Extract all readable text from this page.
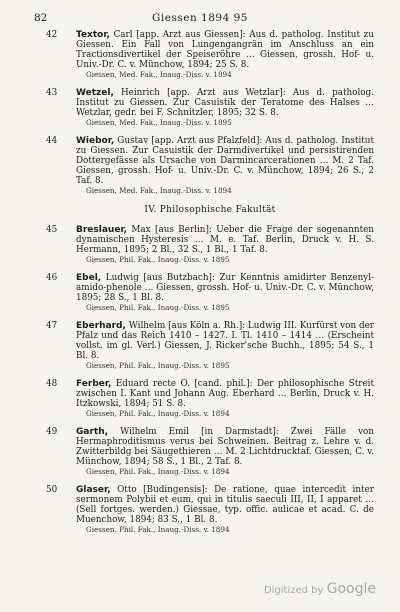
82	Giessen 1894 95
42	Textor, Carl [app. Arzt aus Giessen]: Aus d. patholog. Institut zu Giessen. Ein Fall von Lungengangrän im Anschluss an ein Tractionsdivertikel der Speiseröhre … Giessen, grossh. Hof- u. Univ.-Dr. C. v. Münchow, 1894; 25 S. 8.
Giessen, Med. Fak., Inaug.-Diss. v. 1894
43	Wetzel, Heinrich [app. Arzt aus Wetzlar]: Aus d. patholog. Institut zu Giessen. Zur Casuistik der Teratome des Halses … Wetzlar, gedr. bei F. Schnitzler, 1895; 32 S. 8.
Giessen, Med. Fak., Inaug.-Diss. v. 1895
44	Wiebor, Gustav [app. Arzt aus Pfalzfeld]: Aus d. patholog. Institut zu Giessen. Zur Casuistik der Darmdivertikel und persistirenden Dottergefässe als Ursache von Darmincarcerationen … M. 2 Taf. Giessen, grossh. Hof- u. Univ.-Dr. C. v. Münchow, 1894; 26 S., 2 Taf. 8.
Giessen, Med. Fak., Inaug.-Diss. v. 1894
IV. Philosophische Fakultät
45	Breslauer, Max [aus Berlin]: Ueber die Frage der sogenannten dynamischen Hysteresis … M. e. Taf. Berlin, Druck v. H. S. Hermann, 1895; 2 Bl., 32 S., 1 Bl., 1 Taf. 8.
Giessen, Phil. Fak., Inaug.-Diss. v. 1895
46	Ebel, Ludwig [aus Butzbach]: Zur Kenntnis amidirter Benzenyl-amido-phenole … Giessen, grossh. Hof- u. Univ.-Dr. C. v. Münchow, 1895; 28 S., 1 Bl. 8.
Giessen, Phil. Fak., Inaug.-Diss. v. 1895
47	Eberhard, Wilhelm [aus Köln a. Rh.]: Ludwig III. Kurfürst von der Pfalz und das Reich 1410 – 1427. I. Tl. 1410 – 1414 … (Erscheint vollst. im gl. Verl.) Giessen, J. Ricker'sche Buchh., 1895; 54 S., 1 Bl. 8.
Giessen, Phil. Fak., Inaug.-Diss. v. 1895
48	Ferber, Eduard recte O. [cand. phil.]: Der philosophische Streit zwischen I. Kant und Johann Aug. Eberhard … Berlin, Druck v. H. Itzkowski, 1894; 51 S. 8.
Giessen, Phil. Fak., Inaug.-Diss. v. 1894
49	Garth, Wilhelm Emil [in Darmstadt]: Zwei Fälle von Hermaphroditismus verus bei Schweinen. Beitrag z. Lehre v. d. Zwitterbildg bei Säugethieren … M. 2 Lichtdrucktaf. Giessen, C. v. Münchow, 1894; 58 S., 1 Bl., 2 Taf. 8.
Giessen, Phil. Fak., Inaug.-Diss. v. 1894
50	Glaser, Otto [Budingensis]: De ratione, quae intercedit inter sermonem Polybii et eum, qui in titulis saeculi III, II, I apparet … (Sell fortges. werden.) Giessae, typ. offic. aulicae et acad. C. de Muenchow, 1894; 83 S., 1 Bl. 8.
Giessen, Phil. Fak., Inaug.-Diss. v. 1894
Digitized by Google
